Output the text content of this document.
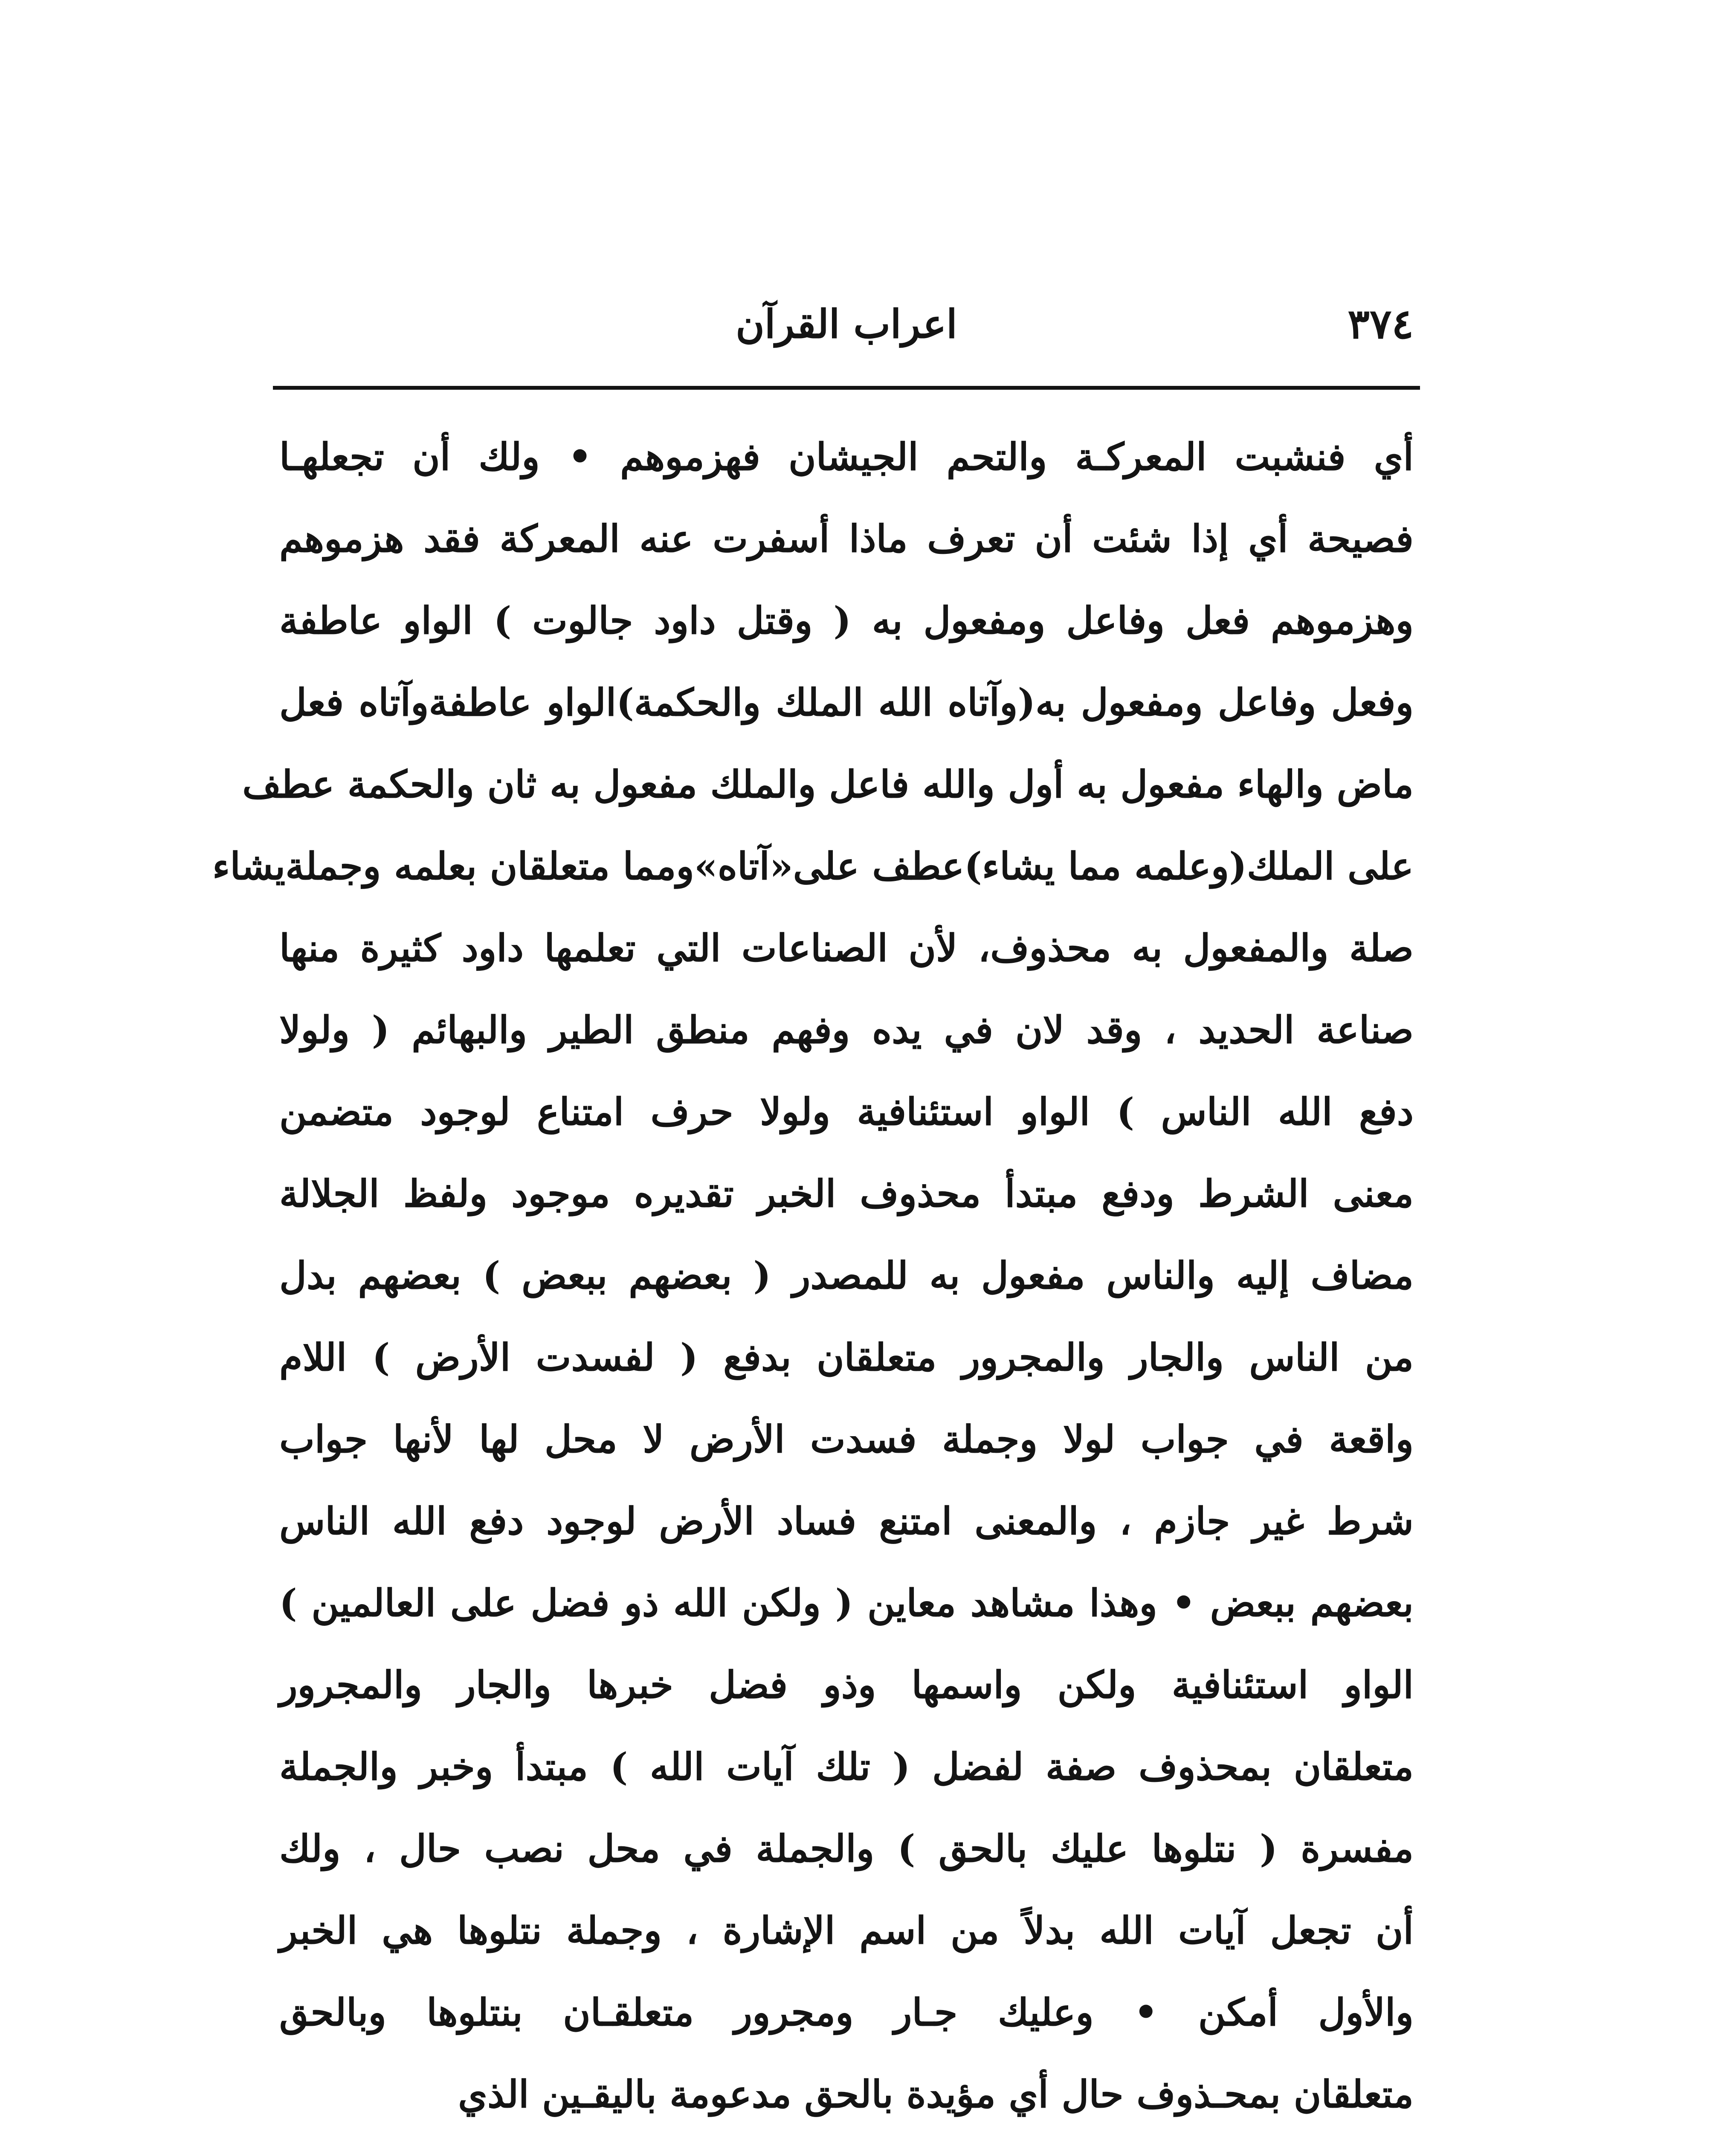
٣٧٤
اعراب القرآن
أي فنشبت المعركـة والتحم الجيشان فهزموهم • ولك أن تجعلهـا
فصيحة أي إذا شئت أن تعرف ماذا أسفرت عنه المعركة فقد هزموهم
وهزموهم فعل وفاعل ومفعول به ( وقتل داود جالوت ) الواو عاطفة
وفعل وفاعل ومفعول به(وآتاه الله الملك والحكمة)الواو عاطفةوآتاه فعل
ماض والهاء مفعول به أول والله فاعل والملك مفعول به ثان والحكمة عطف
على الملك(وعلمه مما يشاء)عطف على«آتاه»ومما متعلقان بعلمه وجملةيشاء
صلة والمفعول به محذوف، لأن الصناعات التي تعلمها داود كثيرة منها
صناعة الحديد ، وقد لان في يده وفهم منطق الطير والبهائم ( ولولا
دفع الله الناس ) الواو استئنافية ولولا حرف امتناع لوجود متضمن
معنى الشرط ودفع مبتدأ محذوف الخبر تقديره موجود ولفظ الجلالة
مضاف إليه والناس مفعول به للمصدر ( بعضهم ببعض ) بعضهم بدل
من الناس والجار والمجرور متعلقان بدفع ( لفسدت الأرض ) اللام
واقعة في جواب لولا وجملة فسدت الأرض لا محل لها لأنها جواب
شرط غير جازم ، والمعنى امتنع فساد الأرض لوجود دفع الله الناس
بعضهم ببعض • وهذا مشاهد معاين ( ولكن الله ذو فضل على العالمين )
الواو استئنافية ولكن واسمها وذو فضل خبرها والجار والمجرور
متعلقان بمحذوف صفة لفضل ( تلك آيات الله ) مبتدأ وخبر والجملة
مفسرة ( نتلوها عليك بالحق ) والجملة في محل نصب حال ، ولك
أن تجعل آيات الله بدلاً من اسم الإشارة ، وجملة نتلوها هي الخبر
والأول أمكن • وعليك جـار ومجرور متعلقـان بنتلوها وبالحق
متعلقان بمحـذوف حال أي مؤيدة بالحق مدعومة باليقـين الذي
